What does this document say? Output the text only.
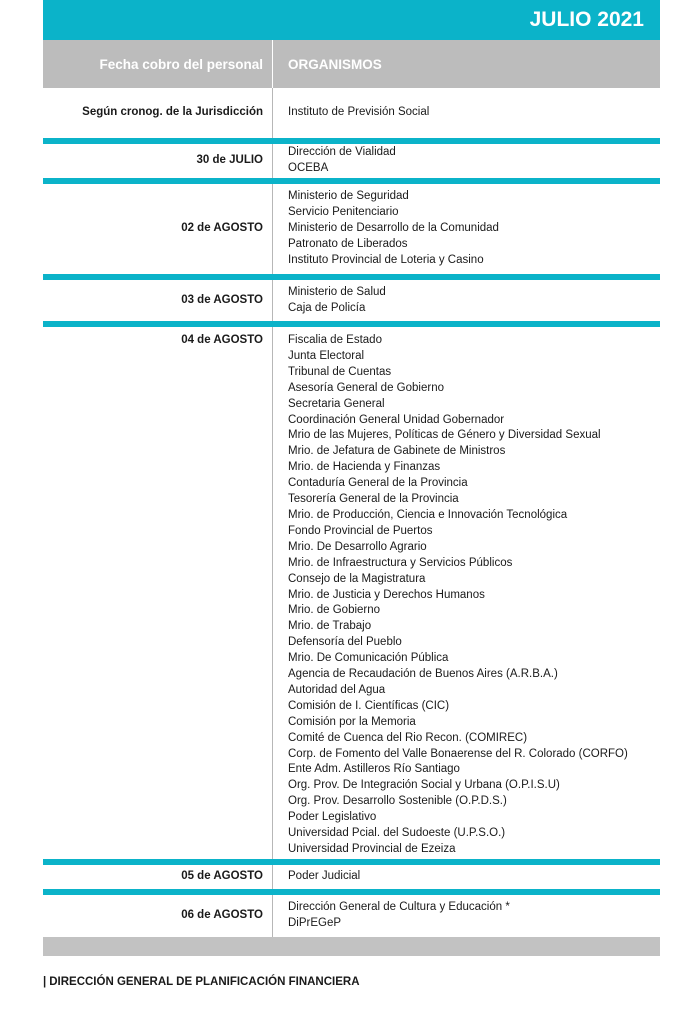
JULIO 2021
Fecha cobro del personal	ORGANISMOS
Según cronog. de la Jurisdicción Instituto de Previsión Social
30 de JULIO
Dirección de Vialidad
OCEBA
02 de AGOSTO
Ministerio de Seguridad
Servicio Penitenciario
Ministerio de Desarrollo de la Comunidad
Patronato de Liberados
Instituto Provincial de Loteria y Casino
03 de AGOSTO
Ministerio de Salud
Caja de Policía
04 de AGOSTO Fiscalia de Estado
Junta Electoral
Tribunal de Cuentas
Asesoría General de Gobierno
Secretaria General
Coordinación General Unidad Gobernador
Mrio de las Mujeres, Políticas de Género y Diversidad Sexual
Mrio. de Jefatura de Gabinete de Ministros
Mrio. de Hacienda y Finanzas
Contaduría General de la Provincia
Tesorería General de la Provincia
Mrio. de Producción, Ciencia e Innovación Tecnológica
Fondo Provincial de Puertos
Mrio. De Desarrollo Agrario
Mrio. de Infraestructura y Servicios Públicos
Consejo de la Magistratura
Mrio. de Justicia y Derechos Humanos
Mrio. de Gobierno
Mrio. de Trabajo
Defensoría del Pueblo
Mrio. De Comunicación Pública
Agencia de Recaudación de Buenos Aires (A.R.B.A.)
Autoridad del Agua
Comisión de I. Científicas (CIC)
Comisión por la Memoria
Comité de Cuenca del Rio Recon. (COMIREC)
Corp. de Fomento del Valle Bonaerense del R. Colorado (CORFO)
Ente Adm. Astilleros Río Santiago
Org. Prov. De Integración Social y Urbana (O.P.I.S.U)
Org. Prov. Desarrollo Sostenible (O.P.D.S.)
Poder Legislativo
Universidad Pcial. del Sudoeste (U.P.S.O.)
Universidad Provincial de Ezeiza
05 de AGOSTO Poder Judicial
06 de AGOSTO
Dirección General de Cultura y Educación *
DiPrEGeP
| DIRECCIÓN GENERAL DE PLANIFICACIÓN FINANCIERA
